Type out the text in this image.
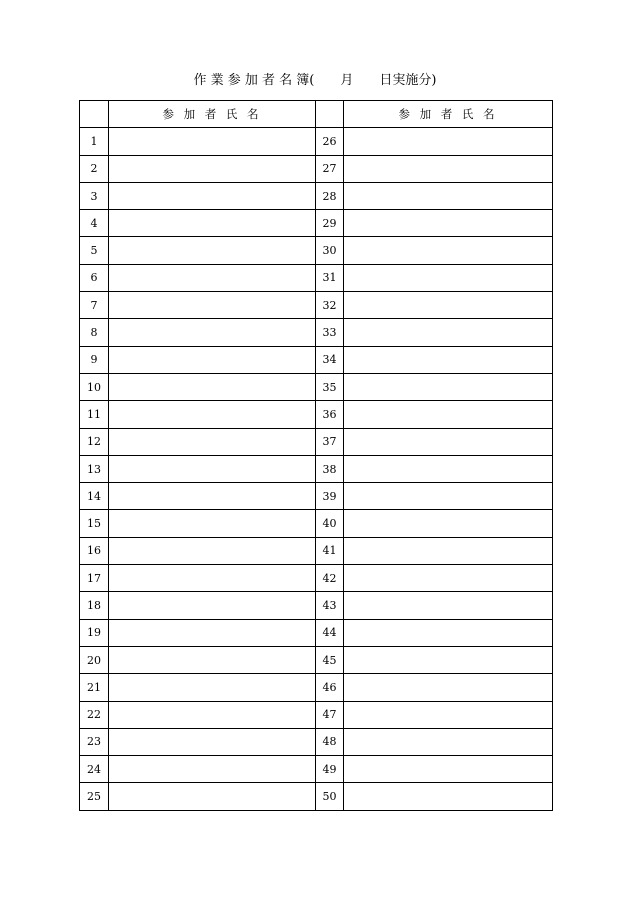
作 業 参 加 者 名 簿(　　月　　日実施分)
	参 加 者 氏 名		参 加 者 氏 名
1		26	
2		27	
3		28	
4		29	
5		30	
6		31	
7		32	
8		33	
9		34	
10		35	
11		36	
12		37	
13		38	
14		39	
15		40	
16		41	
17		42	
18		43	
19		44	
20		45	
21		46	
22		47	
23		48	
24		49	
25		50	
